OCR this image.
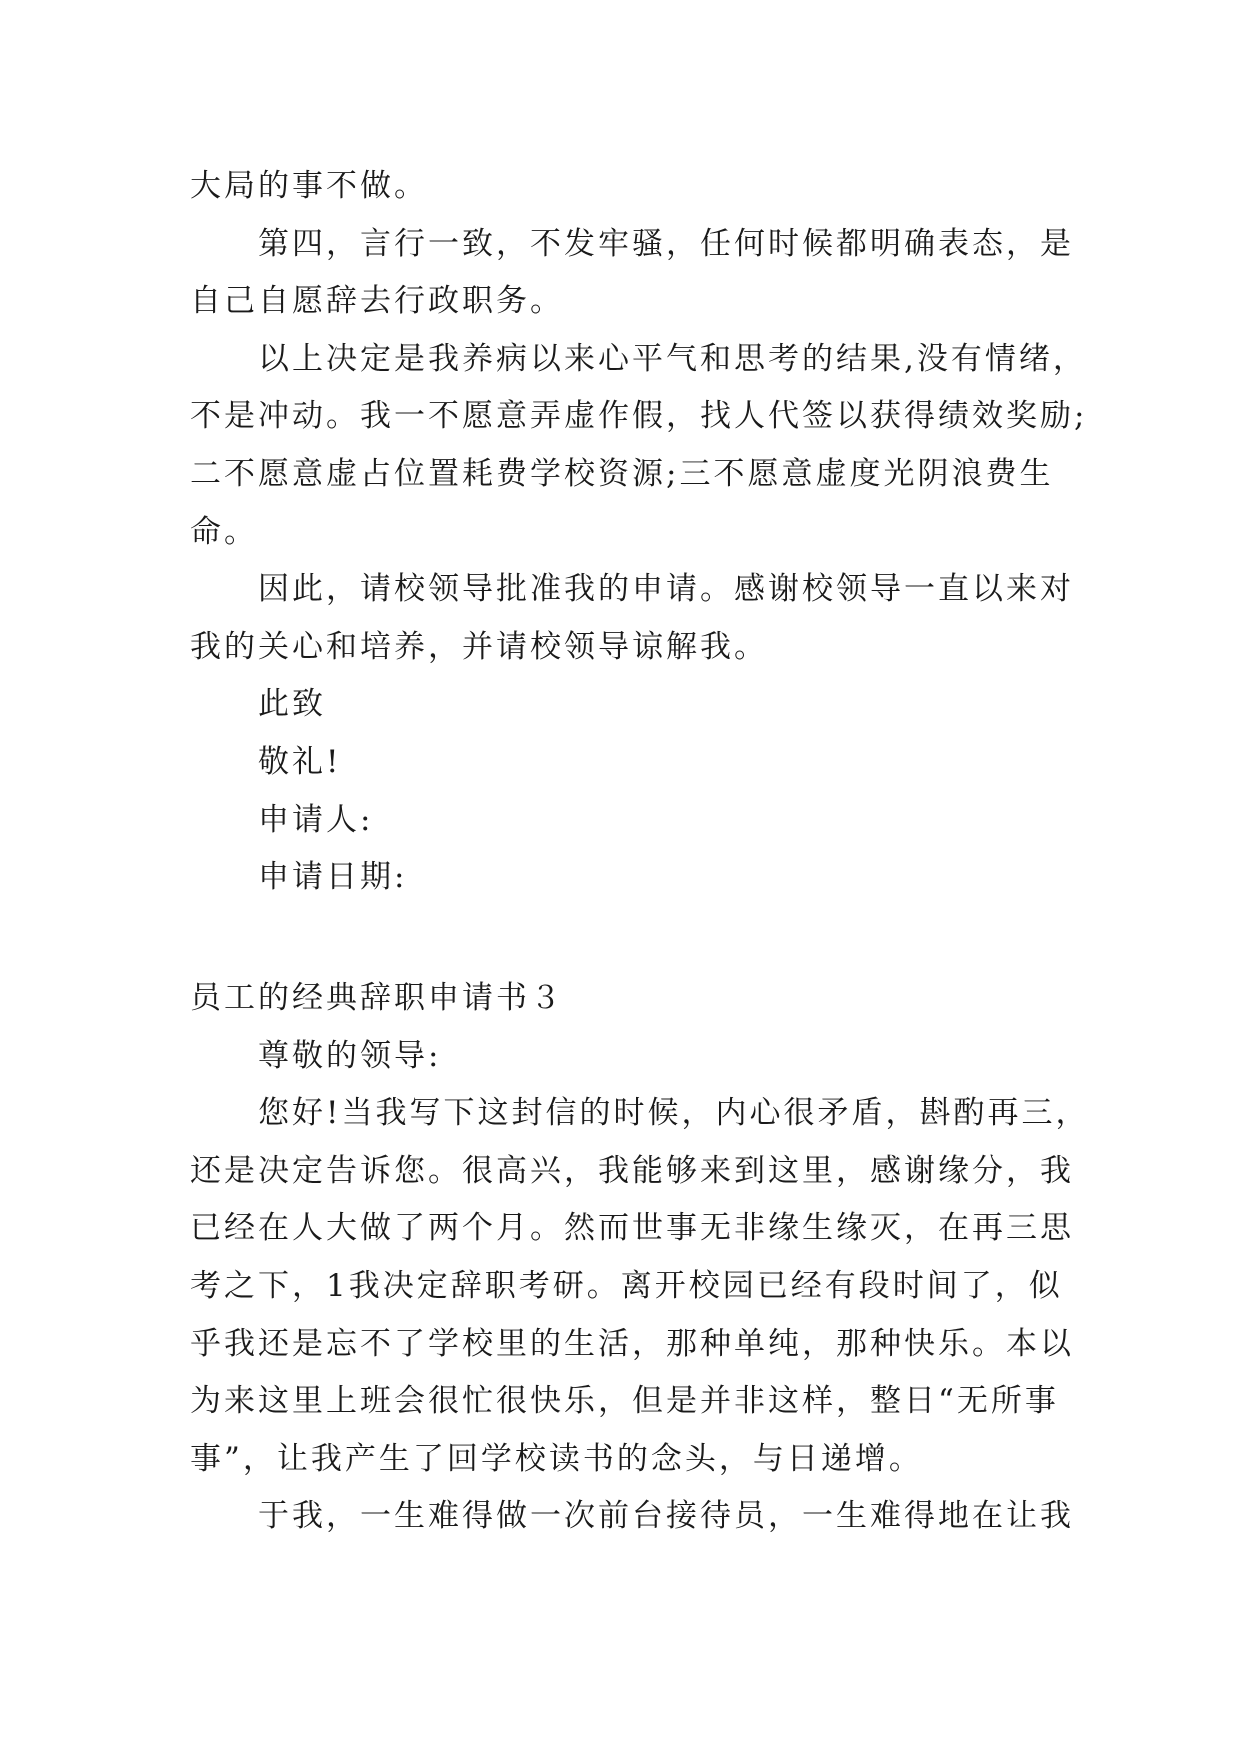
大局的事不做。
　　第四，言行一致，不发牢骚，任何时候都明确表态，是
自己自愿辞去行政职务。
　　以上决定是我养病以来心平气和思考的结果,没有情绪，
不是冲动。我一不愿意弄虚作假，找人代签以获得绩效奖励;
二不愿意虚占位置耗费学校资源;三不愿意虚度光阴浪费生
命。
　　因此，请校领导批准我的申请。感谢校领导一直以来对
我的关心和培养，并请校领导谅解我。
　　此致
　　敬礼!
　　申请人:
　　申请日期:
员工的经典辞职申请书３
　　尊敬的领导:
　　您好!当我写下这封信的时候，内心很矛盾，斟酌再三，
还是决定告诉您。很高兴，我能够来到这里，感谢缘分，我
已经在人大做了两个月。然而世事无非缘生缘灭，在再三思
考之下，1我决定辞职考研。离开校园已经有段时间了，似
乎我还是忘不了学校里的生活，那种单纯，那种快乐。本以
为来这里上班会很忙很快乐，但是并非这样，整日“无所事
事”，让我产生了回学校读书的念头，与日递增。
　　于我，一生难得做一次前台接待员，一生难得地在让我
